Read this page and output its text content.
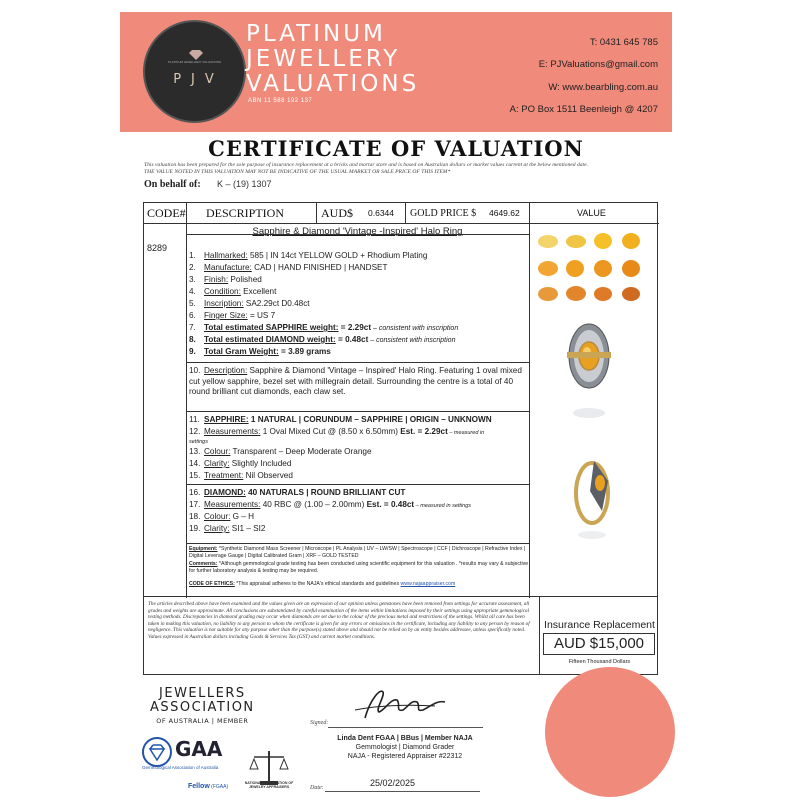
PLATINUM JEWELLERY VALUATIONS
PJV
PLATINUM
JEWELLERY
VALUATIONS
ABN 11 588 192 137
T: 0431 645 785
E: PJValuations@gmail.com
W: www.bearbling.com.au
A: PO Box 1511 Beenleigh @ 4207
CERTIFICATE OF VALUATION
This valuation has been prepared for the sole purpose of insurance replacement at a bricks and mortar store and is based on Australian dollars or market values current at the below mentioned date.
THE VALUE NOTED IN THIS VALUATION MAY NOT BE INDICATIVE OF THE USUAL MARKET OR SALE PRICE OF THIS ITEM*
On behalf of: K – (19) 1307
CODE# DESCRIPTION	AUD$ 0.6344 GOLD PRICE $ 4649.62	VALUE
8289
Sapphire & Diamond 'Vintage -Inspired' Halo Ring
1. Hallmarked: 585 | IN 14ct YELLOW GOLD + Rhodium Plating
2. Manufacture: CAD | HAND FINISHED | HANDSET
3. Finish: Polished
4. Condition: Excellent
5. Inscription: SA2.29ct D0.48ct
6. Finger Size: = US 7
7. Total estimated SAPPHIRE weight: = 2.29ct – consistent with inscription
8. Total estimated DIAMOND weight: = 0.48ct – consistent with inscription
9. Total Gram Weight: = 3.89 grams
10. Description: Sapphire & Diamond 'Vintage – Inspired' Halo Ring. Featuring 1 oval mixed cut yellow sapphire, bezel set with millegrain detail. Surrounding the centre is a total of 40 round brilliant cut diamonds, each claw set.
11. SAPPHIRE: 1 NATURAL | CORUNDUM – SAPPHIRE | ORIGIN – UNKNOWN
12. Measurements: 1 Oval Mixed Cut @ (8.50 x 6.50mm) Est. = 2.29ct – measured in
settings
13. Colour: Transparent – Deep Moderate Orange
14. Clarity: Slightly Included
15. Treatment: Nil Observed
16. DIAMOND: 40 NATURALS | ROUND BRILLIANT CUT
17. Measurements: 40 RBC @ (1.00 – 2.00mm) Est. = 0.48ct – measured in settings
18. Colour: G – H
19. Clarity: SI1 – SI2
Equipment: *Synthetic Diamond Mass Screener | Microscope | PL Analysis | UV – LW/SW | Spectroscope | CCF | Dichroscope | Refractive Index | Digital Leverage Gauge | Digital Calibrated Gram | XRF – GOLD TESTED
Comments: *Although gemmological grade testing has been conducted using scientific equipment for this valuation . *results may vary & subjective for further laboratory analysis & testing may be required.
CODE OF ETHICS: *This appraisal adheres to the NAJA's ethical standards and guidelines www.najaappraiser.com
The articles described above have been examined and the values given are an expression of our opinion unless gemstones have been removed from settings for accurate assessment, all grades and weights are approximate. All conclusions are substantiated by careful examination of the items within limitations imposed by their settings using appropriate gemmological testing methods. Discrepancies in diamond grading may occur when diamonds are set due to the colour of the precious metal and restrictions of the settings. Whilst all care has been taken in making this valuation, no liability to any person to whom the certificate is given for any errors or omissions in the certificate, including any liability to any person by reason of negligence. This valuation is not suitable for any purpose other than the purpose(s) stated above and should not be relied on by an entity besides addressee, unless specifically noted. Values expressed in Australian dollars including Goods & Services Tax (GST) and current market conditions.
Insurance Replacement
AUD $15,000
Fifteen Thousand Dollars
JEWELLERS
ASSOCIATION
OF AUSTRALIA | MEMBER
GAA
Gemmological Association of Australia
Fellow (FGAA)
NATIONAL ASSOCIATION OF JEWELRY APPRAISERS
Signed:
Linda Dent FGAA | BBus | Member NAJA
Gemmologist | Diamond Grader
NAJA - Registered Appraiser #22312
Date:	25/02/2025
